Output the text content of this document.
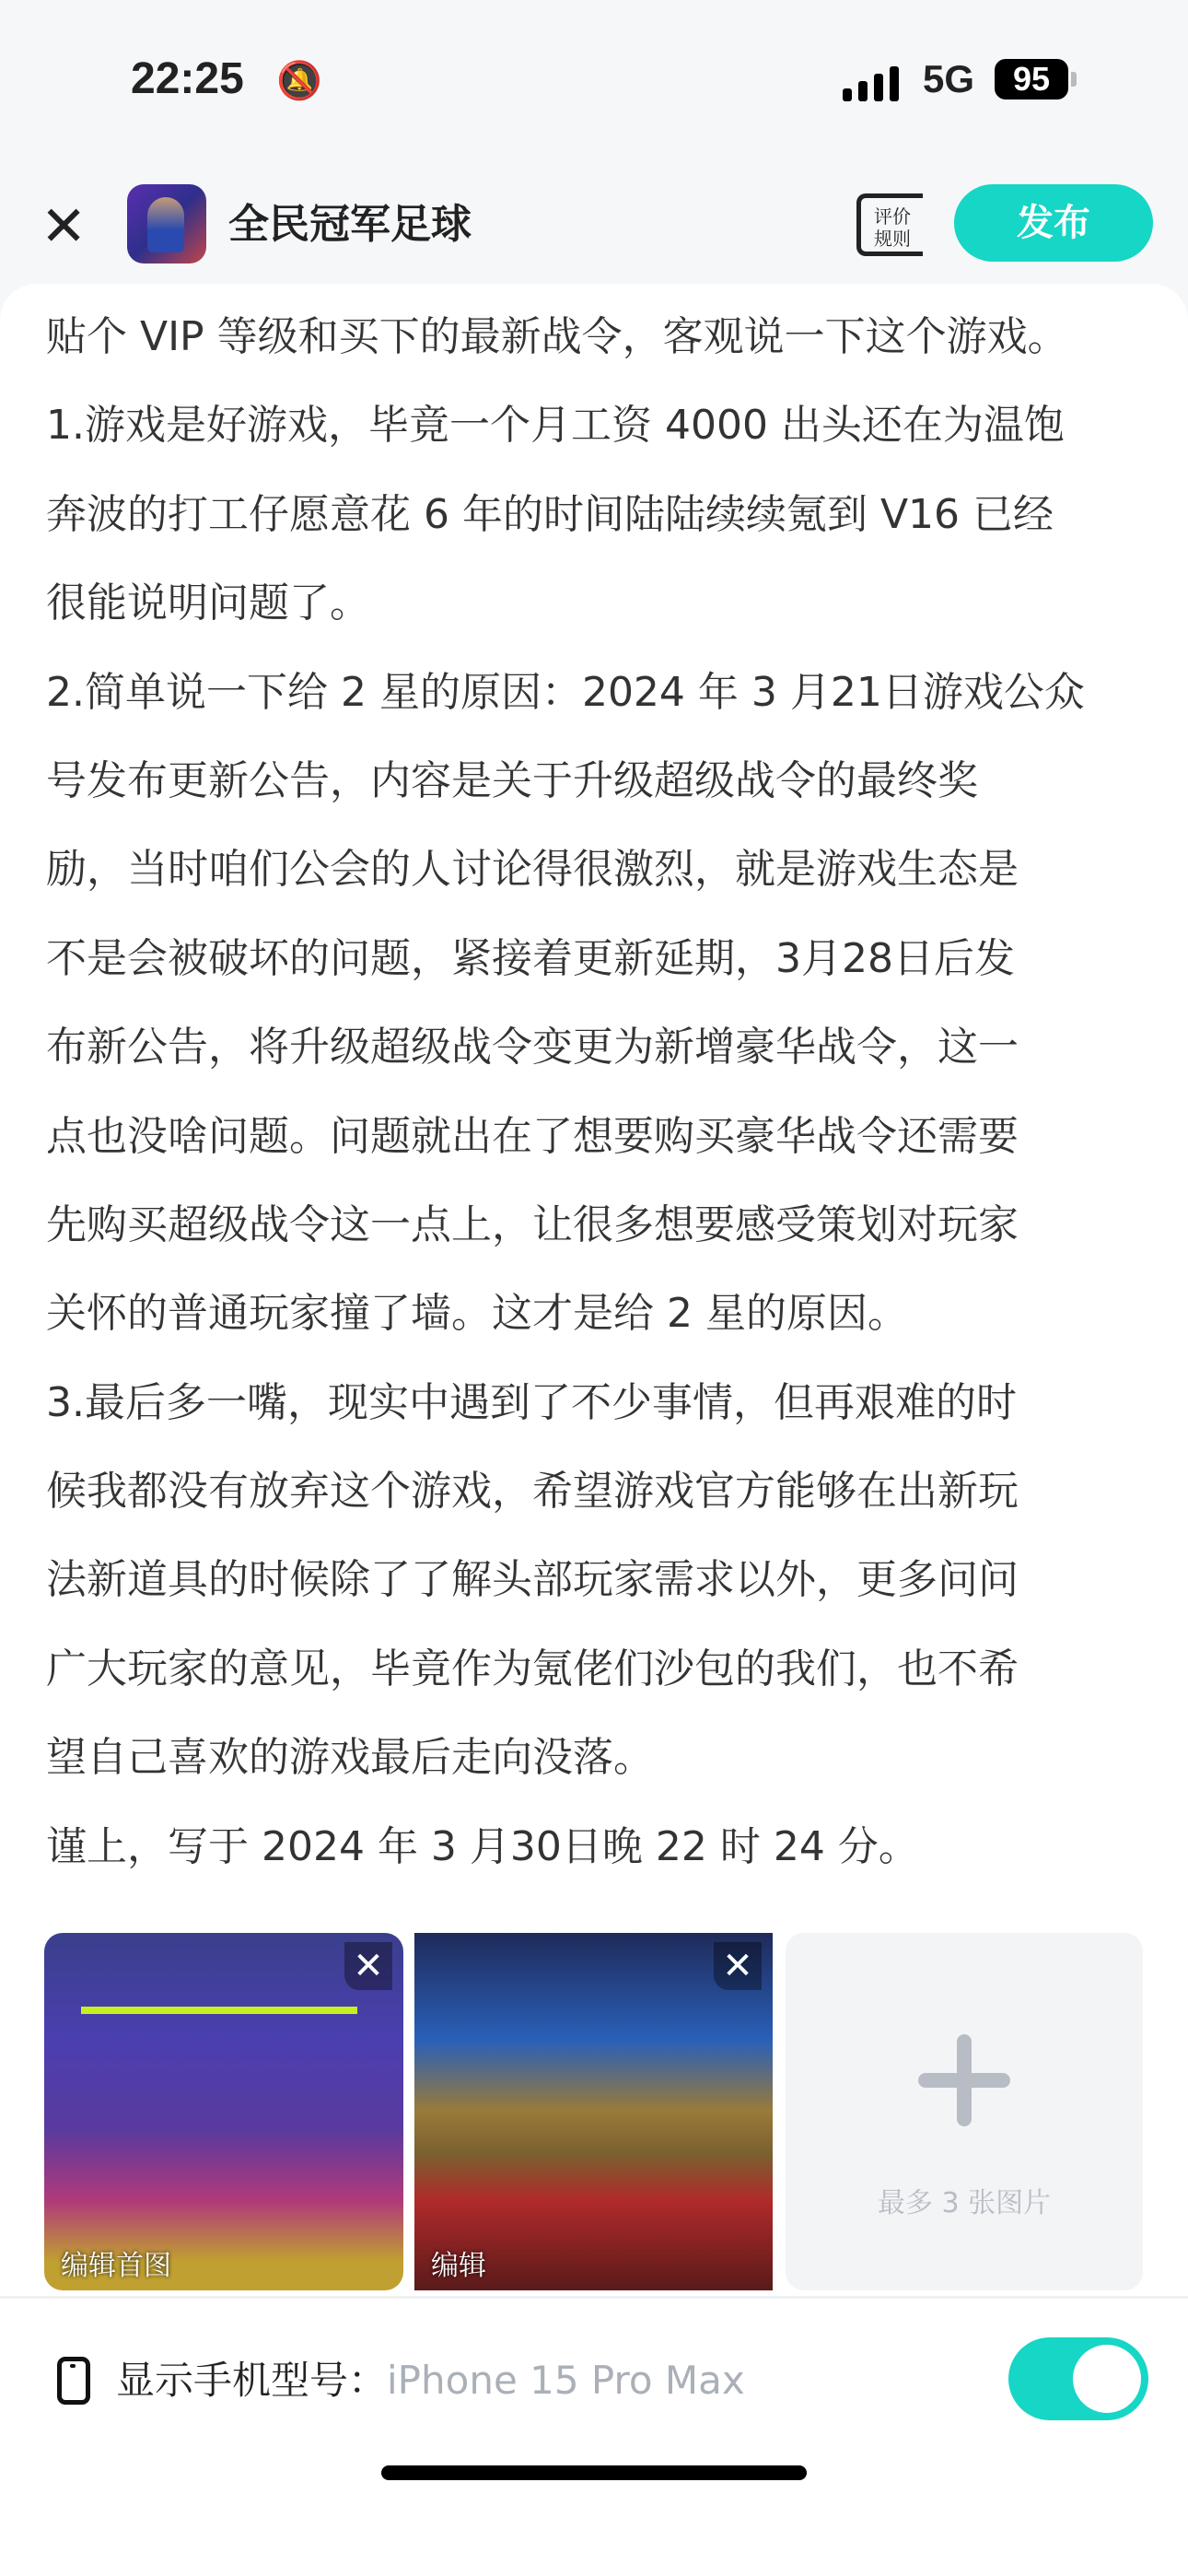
22:25 🔕	5G	95
✕	全民冠军足球	评价
规则	发布
贴个 VIP 等级和买下的最新战令，客观说一下这个游戏。
1.游戏是好游戏，毕竟一个月工资 4000 出头还在为温饱
奔波的打工仔愿意花 6 年的时间陆陆续续氪到 V16 已经
很能说明问题了。
2.简单说一下给 2 星的原因：2024 年 3 月21日游戏公众
号发布更新公告，内容是关于升级超级战令的最终奖
励，当时咱们公会的人讨论得很激烈，就是游戏生态是
不是会被破坏的问题，紧接着更新延期，3月28日后发
布新公告，将升级超级战令变更为新增豪华战令，这一
点也没啥问题。问题就出在了想要购买豪华战令还需要
先购买超级战令这一点上，让很多想要感受策划对玩家
关怀的普通玩家撞了墙。这才是给 2 星的原因。
3.最后多一嘴，现实中遇到了不少事情，但再艰难的时
候我都没有放弃这个游戏，希望游戏官方能够在出新玩
法新道具的时候除了了解头部玩家需求以外，更多问问
广大玩家的意见，毕竟作为氪佬们沙包的我们，也不希
望自己喜欢的游戏最后走向没落。
谨上，写于 2024 年 3 月30日晚 22 时 24 分。
✕
编辑首图
✕
编辑
最多 3 张图片
显示手机型号：iPhone 15 Pro Max
